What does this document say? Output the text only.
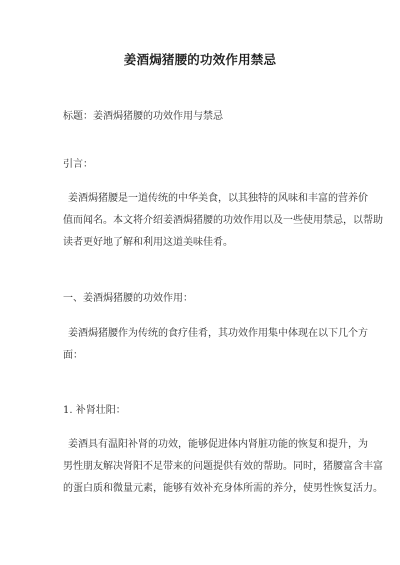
姜酒焗猪腰的功效作用禁忌
标题：姜酒焗猪腰的功效作用与禁忌
引言：
姜酒焗猪腰是一道传统的中华美食，以其独特的风味和丰富的营养价
值而闻名。本文将介绍姜酒焗猪腰的功效作用以及一些使用禁忌，以帮助
读者更好地了解和利用这道美味佳肴。
一、姜酒焗猪腰的功效作用：
姜酒焗猪腰作为传统的食疗佳肴，其功效作用集中体现在以下几个方
面：
1. 补肾壮阳：
姜酒具有温阳补肾的功效，能够促进体内肾脏功能的恢复和提升，为
男性朋友解决肾阳不足带来的问题提供有效的帮助。同时，猪腰富含丰富
的蛋白质和微量元素，能够有效补充身体所需的养分，使男性恢复活力。
